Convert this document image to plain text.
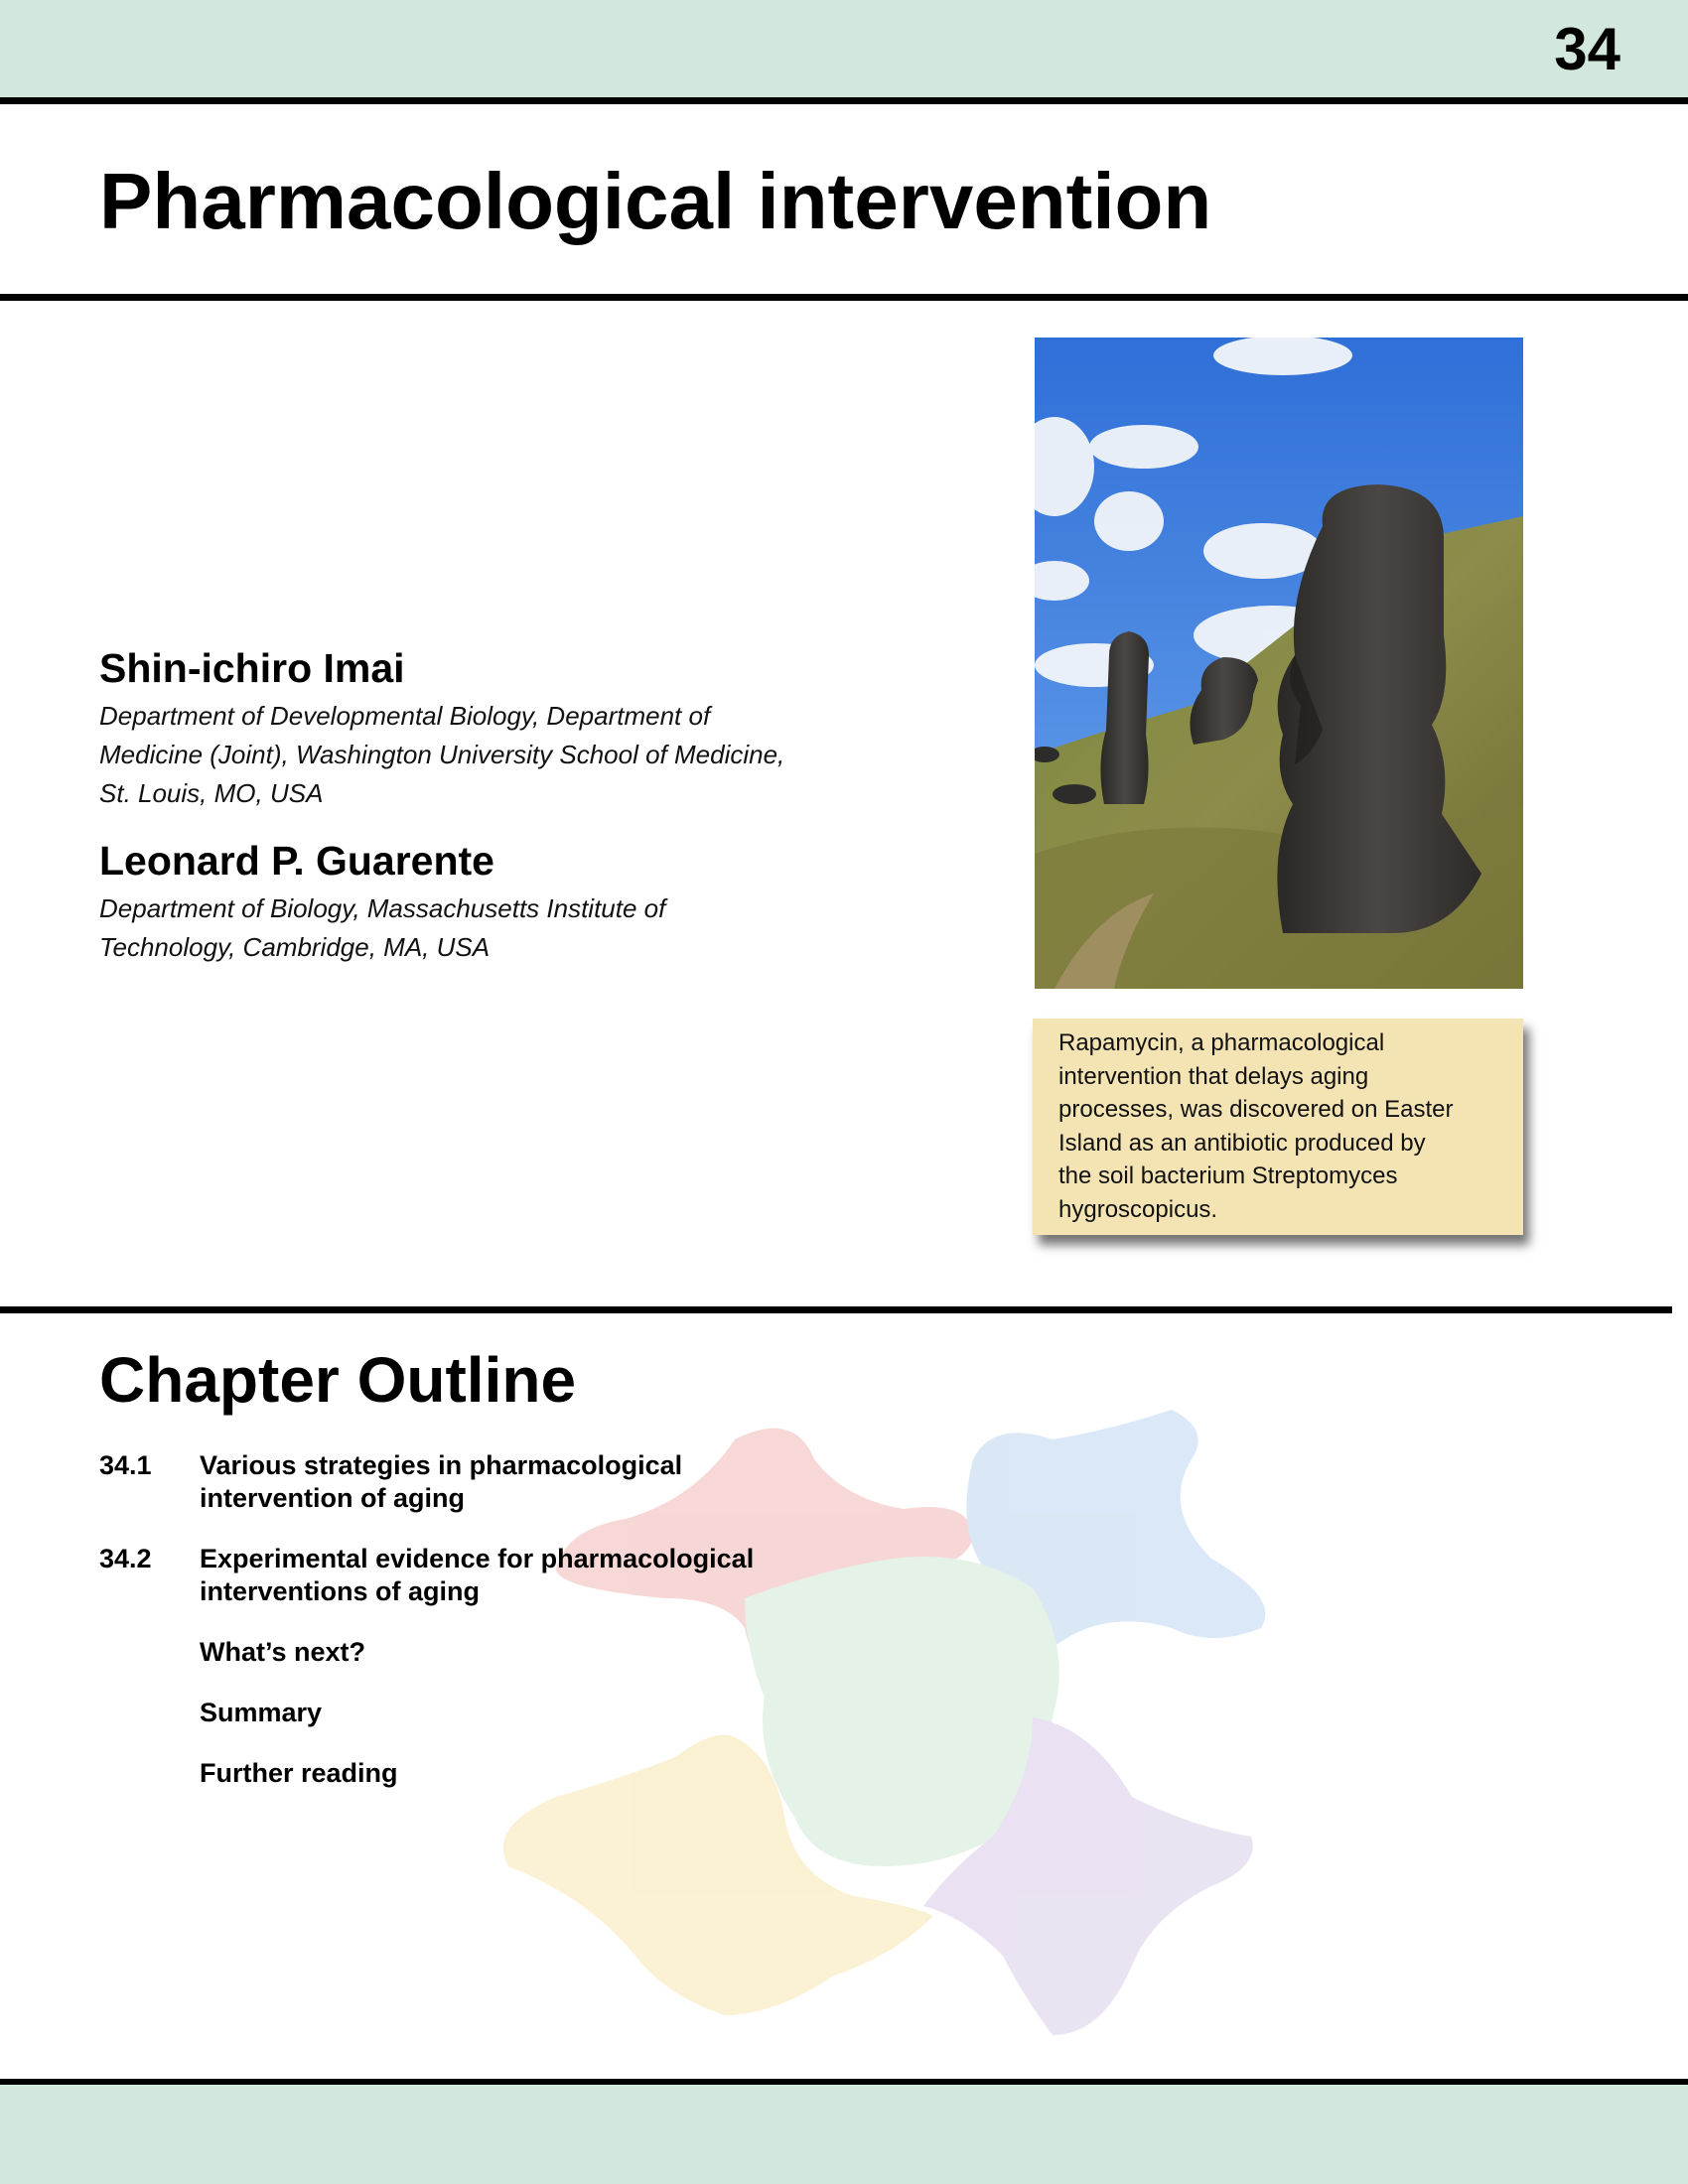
34
Pharmacological intervention
Shin-ichiro Imai
Department of Developmental Biology, Department of
Medicine (Joint), Washington University School of Medicine,
St. Louis, MO, USA
Leonard P. Guarente
Department of Biology, Massachusetts Institute of
Technology, Cambridge, MA, USA
Rapamycin, a pharmacological
intervention that delays aging
processes, was discovered on Easter
Island as an antibiotic produced by
the soil bacterium Streptomyces
hygroscopicus.
Chapter Outline
34.1	Various strategies in pharmacological
intervention of aging
34.2	Experimental evidence for pharmacological
interventions of aging
What’s next?
Summary
Further reading
